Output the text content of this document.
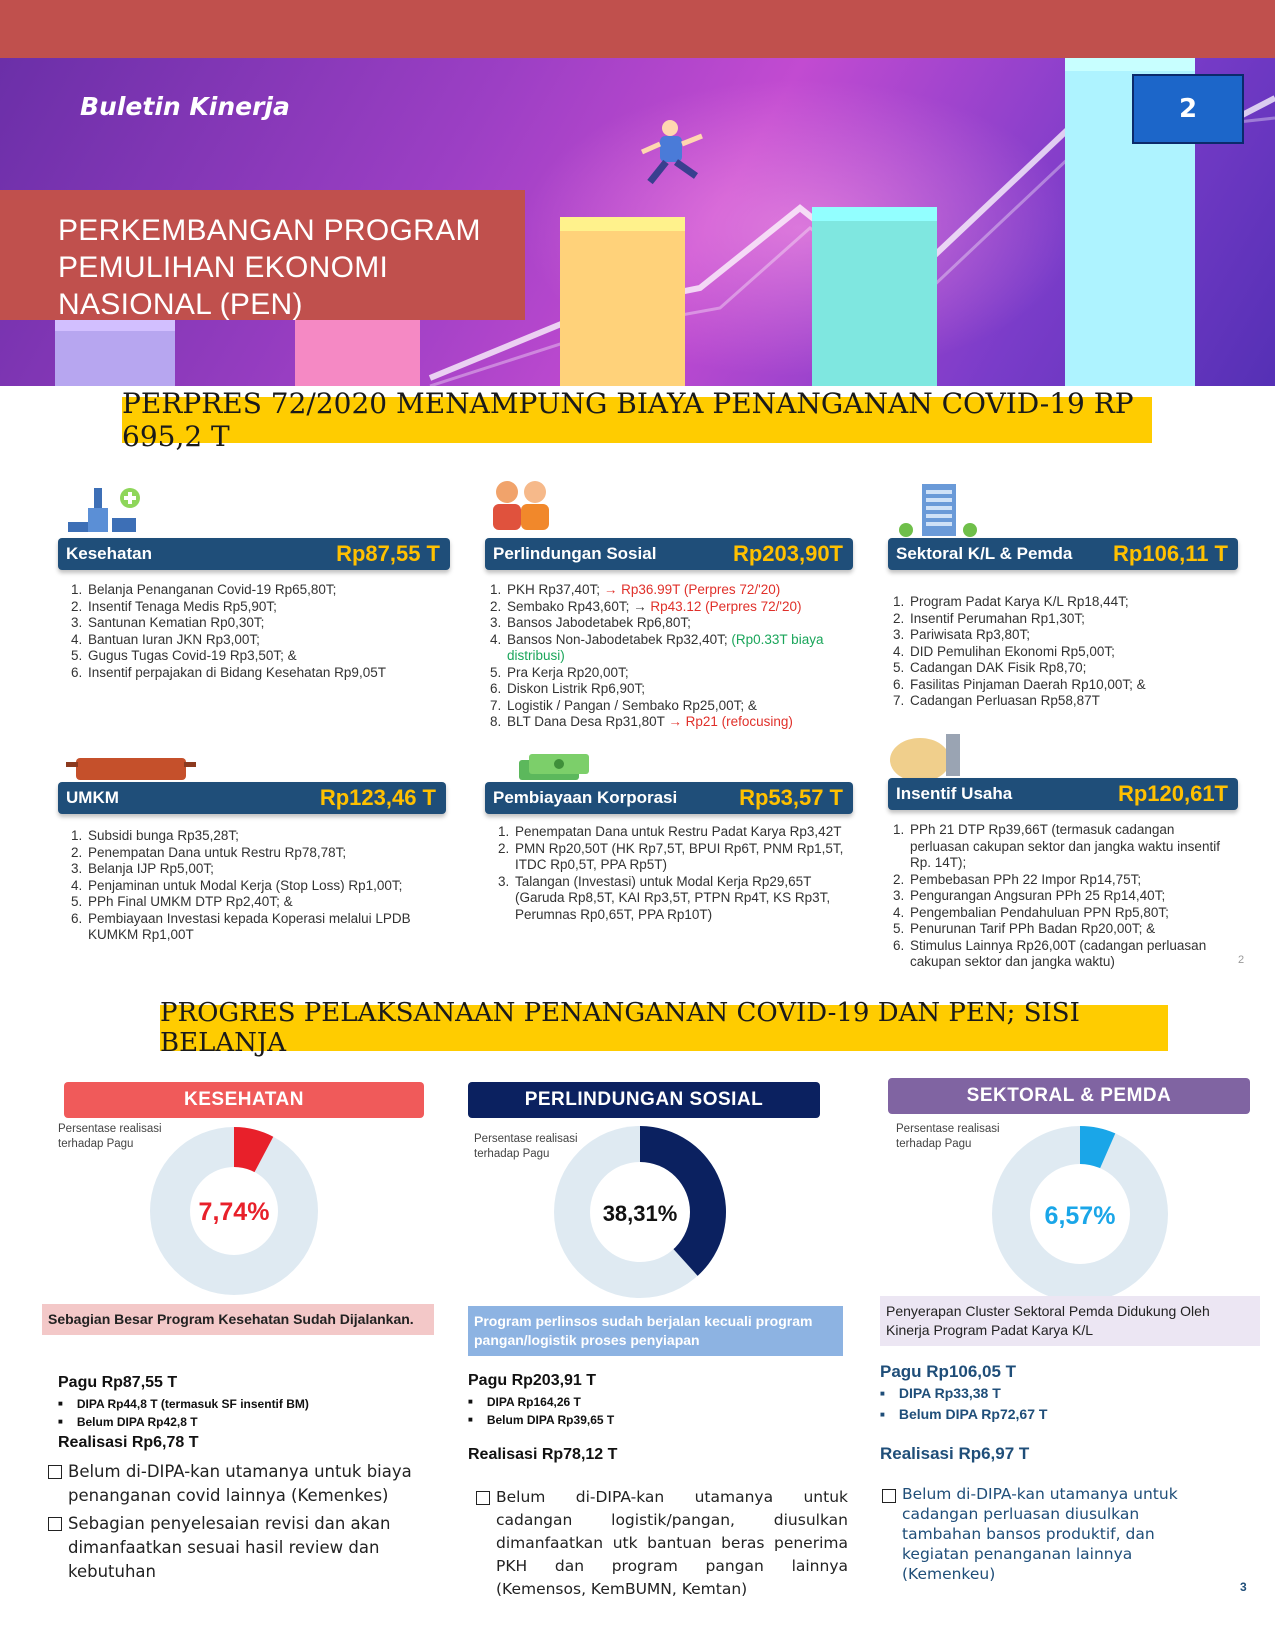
Buletin Kinerja	2
PERKEMBANGAN PROGRAM
PEMULIHAN EKONOMI
NASIONAL (PEN)
PERPRES 72/2020 MENAMPUNG BIAYA PENANGANAN COVID-19 RP 695,2 T
Kesehatan	Rp87,55 T
1. Belanja Penanganan Covid-19 Rp65,80T;
2. Insentif Tenaga Medis Rp5,90T;
3. Santunan Kematian Rp0,30T;
4. Bantuan Iuran JKN Rp3,00T;
5. Gugus Tugas Covid-19 Rp3,50T; &
6. Insentif perpajakan di Bidang Kesehatan Rp9,05T
Perlindungan Sosial	Rp203,90T
1. PKH Rp37,40T; → Rp36.99T (Perpres 72/'20)
2. Sembako Rp43,60T; → Rp43.12 (Perpres 72/'20)
3. Bansos Jabodetabek Rp6,80T;
4. Bansos Non-Jabodetabek Rp32,40T; (Rp0.33T biaya distribusi)
5. Pra Kerja Rp20,00T;
6. Diskon Listrik Rp6,90T;
7. Logistik / Pangan / Sembako Rp25,00T; &
8. BLT Dana Desa Rp31,80T → Rp21 (refocusing)
Sektoral K/L & Pemda Rp106,11 T
1. Program Padat Karya K/L Rp18,44T;
2. Insentif Perumahan Rp1,30T;
3. Pariwisata Rp3,80T;
4. DID Pemulihan Ekonomi Rp5,00T;
5. Cadangan DAK Fisik Rp8,70;
6. Fasilitas Pinjaman Daerah Rp10,00T; &
7. Cadangan Perluasan Rp58,87T
UMKM	Rp123,46 T
1. Subsidi bunga Rp35,28T;
2. Penempatan Dana untuk Restru Rp78,78T;
3. Belanja IJP Rp5,00T;
4. Penjaminan untuk Modal Kerja (Stop Loss) Rp1,00T;
5. PPh Final UMKM DTP Rp2,40T; &
6. Pembiayaan Investasi kepada Koperasi melalui LPDB KUMKM Rp1,00T
Pembiayaan Korporasi	Rp53,57 T
1. Penempatan Dana untuk Restru Padat Karya Rp3,42T
2. PMN Rp20,50T (HK Rp7,5T, BPUI Rp6T, PNM Rp1,5T, ITDC Rp0,5T, PPA Rp5T)
3. Talangan (Investasi) untuk Modal Kerja Rp29,65T (Garuda Rp8,5T, KAI Rp3,5T, PTPN Rp4T, KS Rp3T, Perumnas Rp0,65T, PPA Rp10T)
Insentif Usaha	Rp120,61T
1. PPh 21 DTP Rp39,66T (termasuk cadangan perluasan cakupan sektor dan jangka waktu insentif Rp. 14T);
2. Pembebasan PPh 22 Impor Rp14,75T;
3. Pengurangan Angsuran PPh 25 Rp14,40T;
4. Pengembalian Pendahuluan PPN Rp5,80T;
5. Penurunan Tarif PPh Badan Rp20,00T; &
6. Stimulus Lainnya Rp26,00T (cadangan perluasan cakupan sektor dan jangka waktu)	2
PROGRES PELAKSANAAN PENANGANAN COVID-19 DAN PEN; SISI BELANJA
KESEHATAN
Persentase realisasi
terhadap Pagu
7,74%
Sebagian Besar Program Kesehatan Sudah Dijalankan.
Pagu Rp87,55 T
■ DIPA Rp44,8 T (termasuk SF insentif BM)
■ Belum DIPA Rp42,8 T
Realisasi Rp6,78 T
Belum di-DIPA-kan utamanya untuk biaya penanganan covid lainnya (Kemenkes)
Sebagian penyelesaian revisi dan akan dimanfaatkan sesuai hasil review dan kebutuhan
PERLINDUNGAN SOSIAL
Persentase realisasi
terhadap Pagu
38,31%
Program perlinsos sudah berjalan kecuali program pangan/logistik proses penyiapan
Pagu Rp203,91 T
■ DIPA Rp164,26 T
■ Belum DIPA Rp39,65 T
Realisasi Rp78,12 T
Belum di-DIPA-kan utamanya untuk cadangan logistik/pangan, diusulkan dimanfaatkan utk bantuan beras penerima PKH dan program pangan lainnya (Kemensos, KemBUMN, Kemtan)
SEKTORAL & PEMDA
Persentase realisasi
terhadap Pagu
6,57%
Penyerapan Cluster Sektoral Pemda Didukung Oleh Kinerja Program Padat Karya K/L
Pagu Rp106,05 T
■ DIPA Rp33,38 T
■ Belum DIPA Rp72,67 T
Realisasi Rp6,97 T
Belum di-DIPA-kan utamanya untuk cadangan perluasan diusulkan tambahan bansos produktif, dan kegiatan penanganan lainnya (Kemenkeu)
3
